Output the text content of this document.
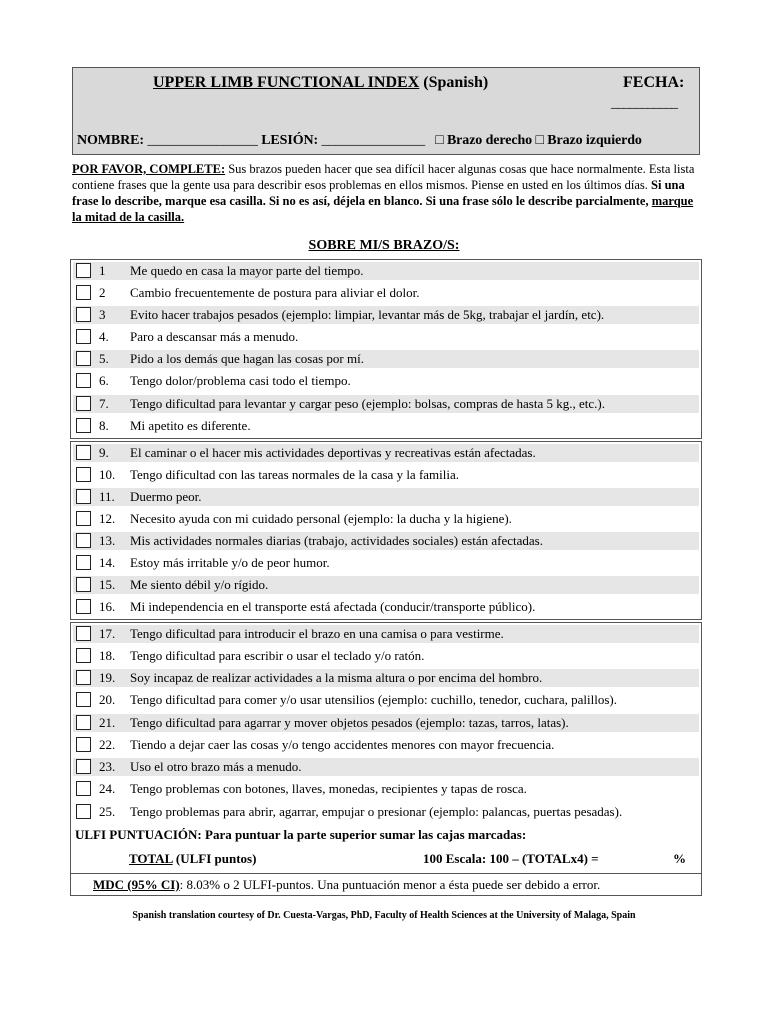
UPPER LIMB FUNCTIONAL INDEX (Spanish)	FECHA:
___________
NOMBRE: ________________ LESIÓN: _______________ □ Brazo derecho □ Brazo izquierdo
POR FAVOR, COMPLETE: Sus brazos pueden hacer que sea difícil hacer algunas cosas que hace normalmente. Esta lista contiene frases que la gente usa para describir esos problemas en ellos mismos. Piense en usted en los últimos días. Si una frase lo describe, marque esa casilla. Si no es así, déjela en blanco. Si una frase sólo le describe parcialmente, marque la mitad de la casilla.
SOBRE MI/S BRAZO/S:
1 Me quedo en casa la mayor parte del tiempo.
2 Cambio frecuentemente de postura para aliviar el dolor.
3 Evito hacer trabajos pesados (ejemplo: limpiar, levantar más de 5kg, trabajar el jardín, etc).
4. Paro a descansar más a menudo.
5. Pido a los demás que hagan las cosas por mí.
6. Tengo dolor/problema casi todo el tiempo.
7. Tengo dificultad para levantar y cargar peso (ejemplo: bolsas, compras de hasta 5 kg., etc.).
8. Mi apetito es diferente.
9. El caminar o el hacer mis actividades deportivas y recreativas están afectadas.
10. Tengo dificultad con las tareas normales de la casa y la familia.
11. Duermo peor.
12. Necesito ayuda con mi cuidado personal (ejemplo: la ducha y la higiene).
13. Mis actividades normales diarias (trabajo, actividades sociales) están afectadas.
14. Estoy más irritable y/o de peor humor.
15. Me siento débil y/o rígido.
16. Mi independencia en el transporte está afectada (conducir/transporte público).
17. Tengo dificultad para introducir el brazo en una camisa o para vestirme.
18. Tengo dificultad para escribir o usar el teclado y/o ratón.
19. Soy incapaz de realizar actividades a la misma altura o por encima del hombro.
20. Tengo dificultad para comer y/o usar utensilios (ejemplo: cuchillo, tenedor, cuchara, palillos).
21. Tengo dificultad para agarrar y mover objetos pesados (ejemplo: tazas, tarros, latas).
22. Tiendo a dejar caer las cosas y/o tengo accidentes menores con mayor frecuencia.
23. Uso el otro brazo más a menudo.
24. Tengo problemas con botones, llaves, monedas, recipientes y tapas de rosca.
25. Tengo problemas para abrir, agarrar, empujar o presionar (ejemplo: palancas, puertas pesadas).
ULFI PUNTUACIÓN: Para puntuar la parte superior sumar las cajas marcadas:
TOTAL (ULFI puntos)	100 Escala: 100 – (TOTALx4) =	%
MDC (95% CI): 8.03% o 2 ULFI-puntos. Una puntuación menor a ésta puede ser debido a error.
Spanish translation courtesy of Dr. Cuesta-Vargas, PhD, Faculty of Health Sciences at the University of Malaga, Spain
